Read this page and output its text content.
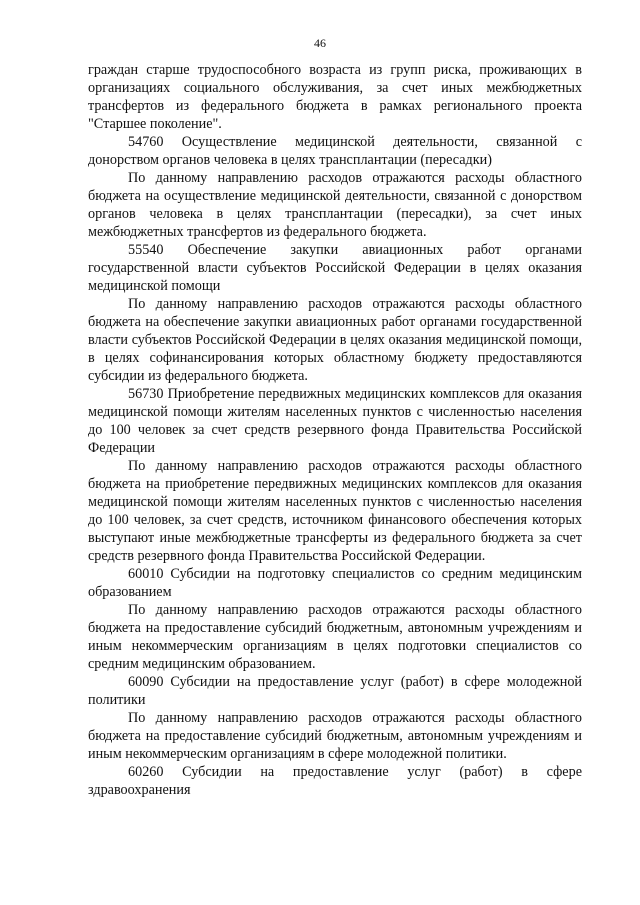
46

граждан старше трудоспособного возраста из групп риска, проживающих в организациях социального обслуживания, за счет иных межбюджетных трансфертов из федерального бюджета в рамках регионального проекта "Старшее поколение".

54760 Осуществление медицинской деятельности, связанной с донорством органов человека в целях трансплантации (пересадки)

По данному направлению расходов отражаются расходы областного бюджета на осуществление медицинской деятельности, связанной с донорством органов человека в целях трансплантации (пересадки), за счет иных межбюджетных трансфертов из федерального бюджета.

55540 Обеспечение закупки авиационных работ органами государственной власти субъектов Российской Федерации в целях оказания медицинской помощи

По данному направлению расходов отражаются расходы областного бюджета на обеспечение закупки авиационных работ органами государственной власти субъектов Российской Федерации в целях оказания медицинской помощи, в целях софинансирования которых областному бюджету предоставляются субсидии из федерального бюджета.

56730 Приобретение передвижных медицинских комплексов для оказания медицинской помощи жителям населенных пунктов с численностью населения до 100 человек за счет средств резервного фонда Правительства Российской Федерации

По данному направлению расходов отражаются расходы областного бюджета на приобретение передвижных медицинских комплексов для оказания медицинской помощи жителям населенных пунктов с численностью населения до 100 человек, за счет средств, источником финансового обеспечения которых выступают иные межбюджетные трансферты из федерального бюджета за счет средств резервного фонда Правительства Российской Федерации.

60010 Субсидии на подготовку специалистов со средним медицинским образованием

По данному направлению расходов отражаются расходы областного бюджета на предоставление субсидий бюджетным, автономным учреждениям и иным некоммерческим организациям в целях подготовки специалистов со средним медицинским образованием.

60090 Субсидии на предоставление услуг (работ) в сфере молодежной политики

По данному направлению расходов отражаются расходы областного бюджета на предоставление субсидий бюджетным, автономным учреждениям и иным некоммерческим организациям в сфере молодежной политики.

60260 Субсидии на предоставление услуг (работ) в сфере здравоохранения
